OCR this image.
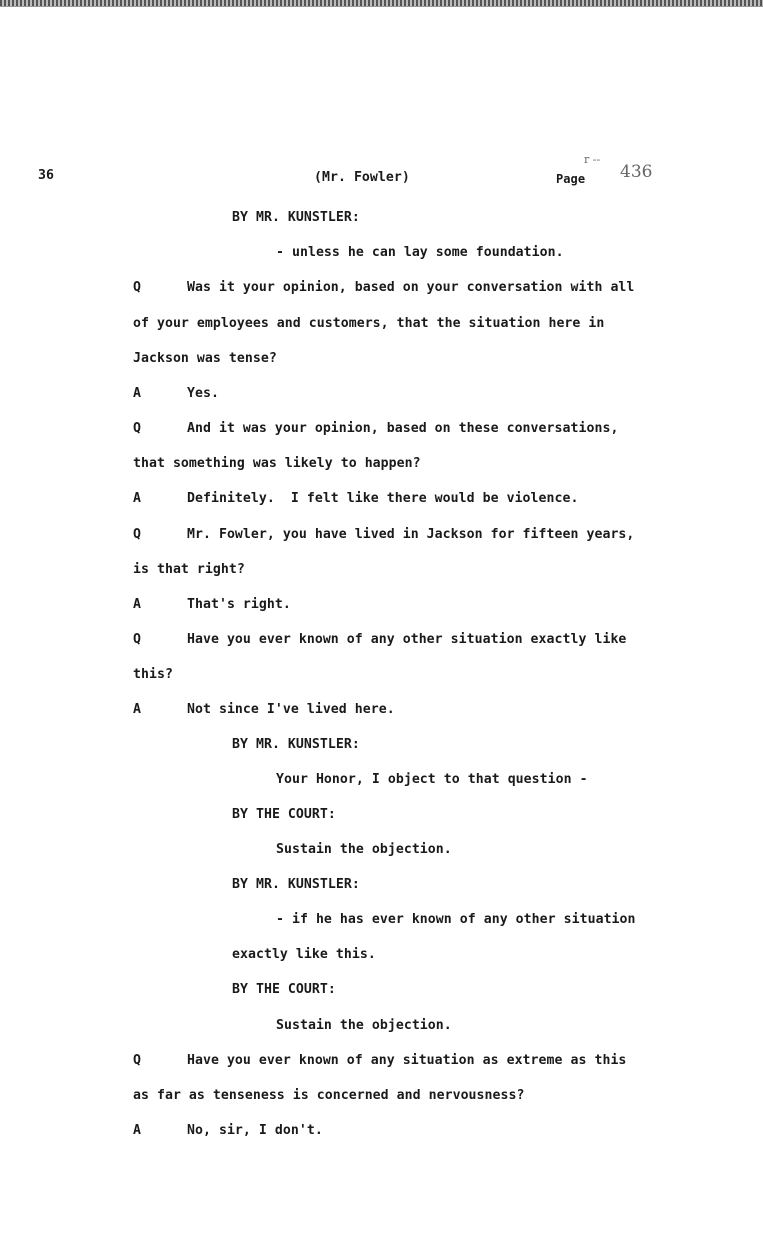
36	(Mr. Fowler)	Page
r --
436
BY MR. KUNSTLER:
- unless he can lay some foundation.
Q	Was it your opinion, based on your conversation with all
of your employees and customers, that the situation here in
Jackson was tense?
A	Yes.
Q	And it was your opinion, based on these conversations,
that something was likely to happen?
A	Definitely.  I felt like there would be violence.
Q	Mr. Fowler, you have lived in Jackson for fifteen years,
is that right?
A	That's right.
Q	Have you ever known of any other situation exactly like
this?
A	Not since I've lived here.
BY MR. KUNSTLER:
Your Honor, I object to that question -
BY THE COURT:
Sustain the objection.
BY MR. KUNSTLER:
- if he has ever known of any other situation
exactly like this.
BY THE COURT:
Sustain the objection.
Q	Have you ever known of any situation as extreme as this
as far as tenseness is concerned and nervousness?
A	No, sir, I don't.
